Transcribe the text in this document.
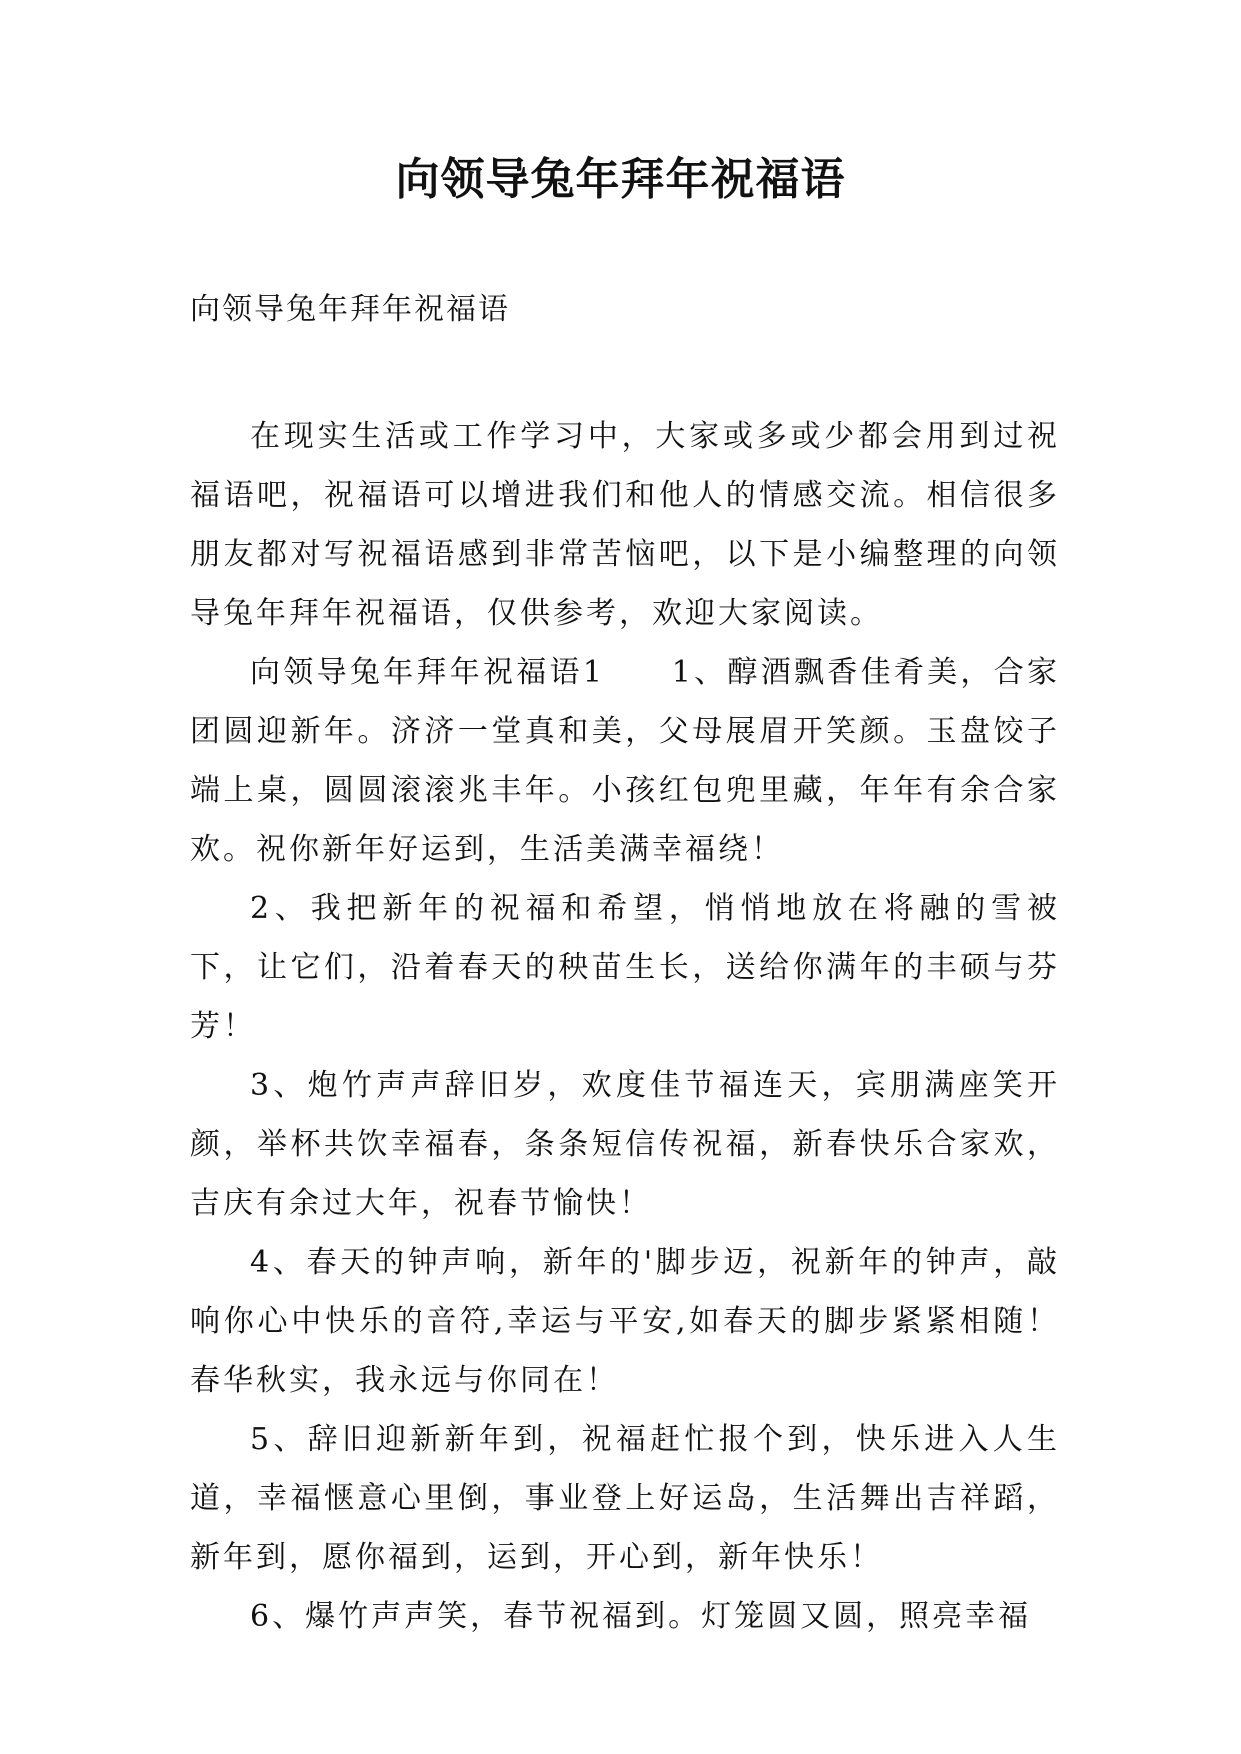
向领导兔年拜年祝福语
向领导兔年拜年祝福语

在现实生活或工作学习中，大家或多或少都会用到过祝福语吧，祝福语可以增进我们和他人的情感交流。相信很多朋友都对写祝福语感到非常苦恼吧，以下是小编整理的向领导兔年拜年祝福语，仅供参考，欢迎大家阅读。

向领导兔年拜年祝福语1　　1、醇酒飘香佳肴美，合家团圆迎新年。济济一堂真和美，父母展眉开笑颜。玉盘饺子端上桌，圆圆滚滚兆丰年。小孩红包兜里藏，年年有余合家欢。祝你新年好运到，生活美满幸福绕！

2、我把新年的祝福和希望，悄悄地放在将融的雪被下，让它们，沿着春天的秧苗生长，送给你满年的丰硕与芬芳！

3、炮竹声声辞旧岁，欢度佳节福连天，宾朋满座笑开颜，举杯共饮幸福春，条条短信传祝福，新春快乐合家欢，吉庆有余过大年，祝春节愉快！

4、春天的钟声响，新年的'脚步迈，祝新年的钟声，敲响你心中快乐的音符,幸运与平安,如春天的脚步紧紧相随！春华秋实，我永远与你同在！

5、辞旧迎新新年到，祝福赶忙报个到，快乐进入人生道，幸福惬意心里倒，事业登上好运岛，生活舞出吉祥蹈，新年到，愿你福到，运到，开心到，新年快乐！

6、爆竹声声笑，春节祝福到。灯笼圆又圆，照亮幸福
